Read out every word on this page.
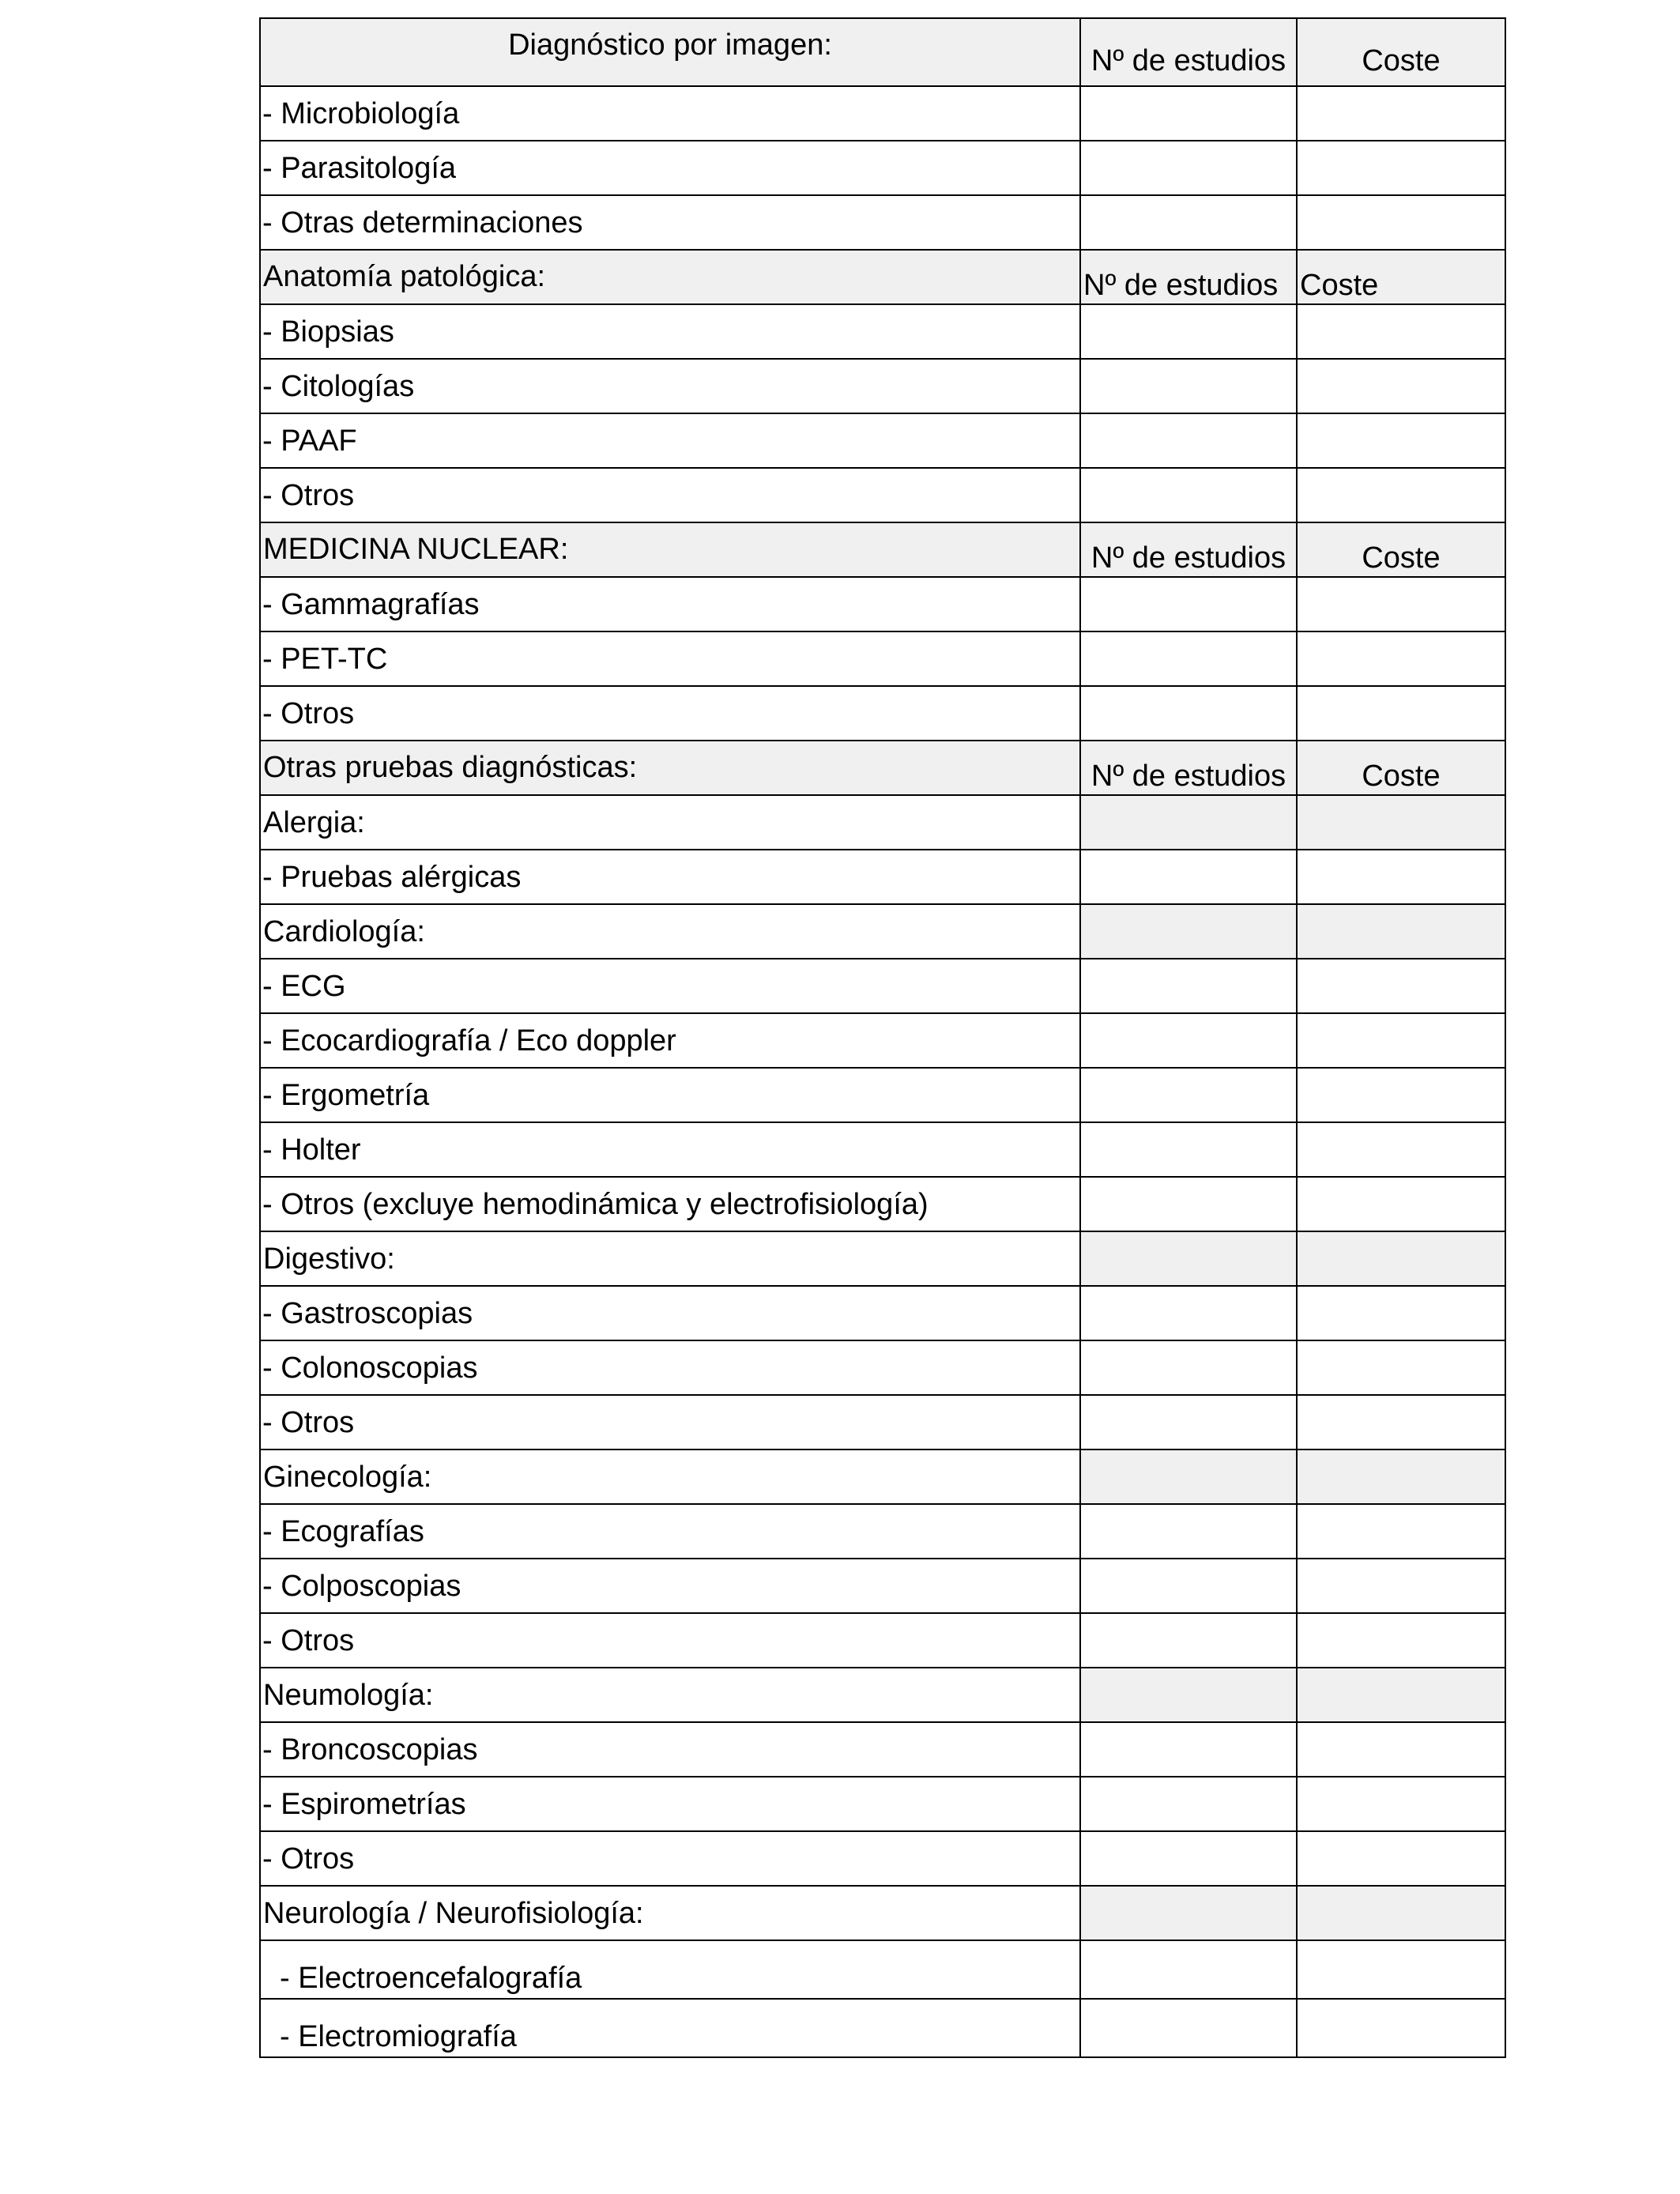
Diagnóstico por imagen:	Nº de estudios	Coste
- Microbiología		
- Parasitología		
- Otras determinaciones		
Anatomía patológica:	Nº de estudios	Coste
- Biopsias		
- Citologías		
- PAAF		
- Otros		
MEDICINA NUCLEAR:	Nº de estudios	Coste
- Gammagrafías		
- PET-TC		
- Otros		
Otras pruebas diagnósticas:	Nº de estudios	Coste
Alergia:		
- Pruebas alérgicas		
Cardiología:		
- ECG		
- Ecocardiografía / Eco doppler		
- Ergometría		
- Holter		
- Otros (excluye hemodinámica y electrofisiología)		
Digestivo:		
- Gastroscopias		
- Colonoscopias		
- Otros		
Ginecología:		
- Ecografías		
- Colposcopias		
- Otros		
Neumología:		
- Broncoscopias		
- Espirometrías		
- Otros		
Neurología / Neurofisiología:		
- Electroencefalografía		
- Electromiografía		
